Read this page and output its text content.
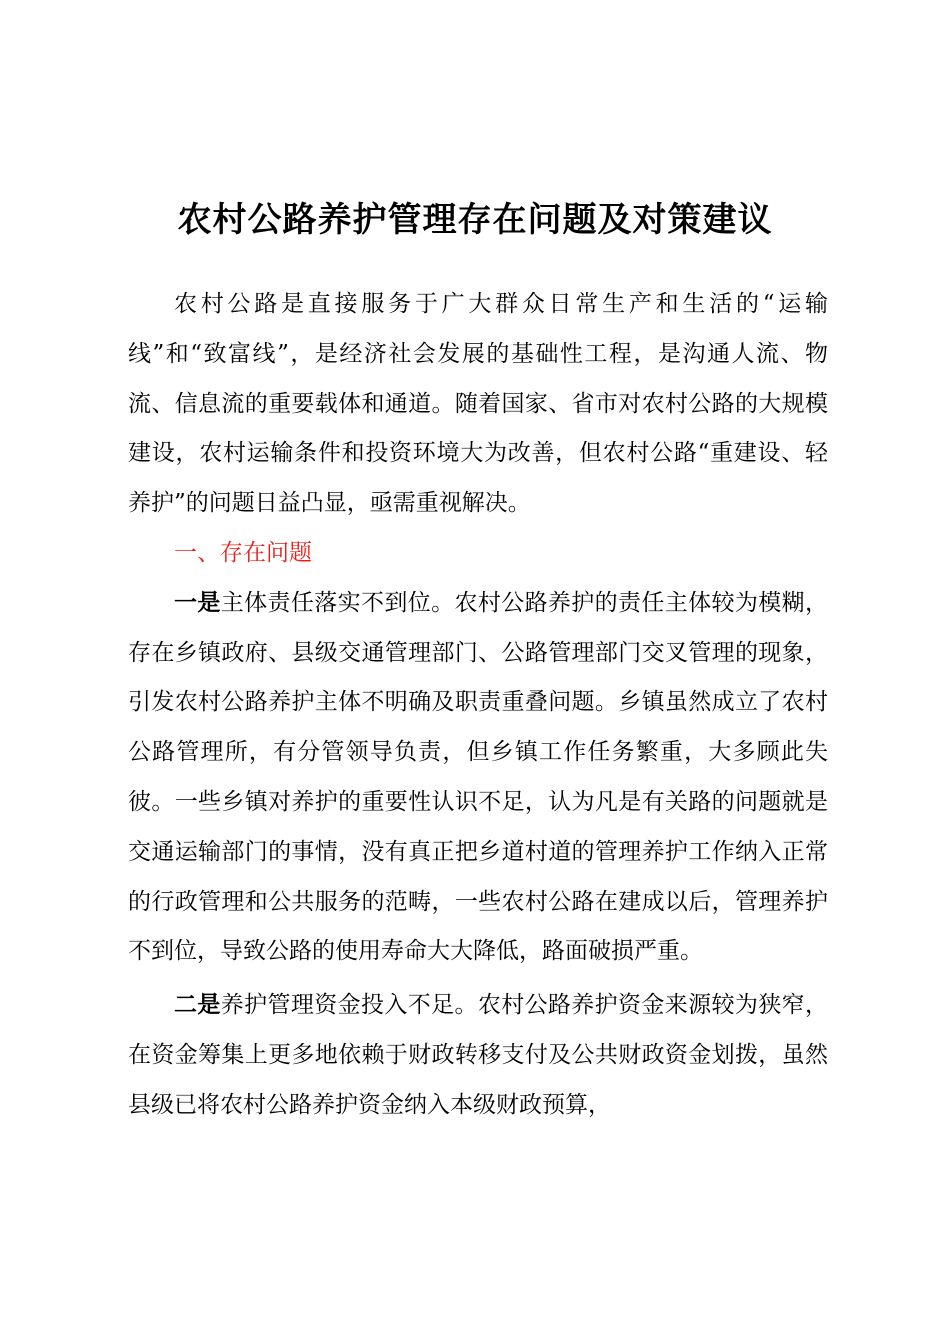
农村公路养护管理存在问题及对策建议

农村公路是直接服务于广大群众日常生产和生活的“运输线”和“致富线”，是经济社会发展的基础性工程，是沟通人流、物流、信息流的重要载体和通道。随着国家、省市对农村公路的大规模建设，农村运输条件和投资环境大为改善，但农村公路“重建设、轻养护”的问题日益凸显，亟需重视解决。

一、存在问题

一是主体责任落实不到位。农村公路养护的责任主体较为模糊，存在乡镇政府、县级交通管理部门、公路管理部门交叉管理的现象，引发农村公路养护主体不明确及职责重叠问题。乡镇虽然成立了农村公路管理所，有分管领导负责，但乡镇工作任务繁重，大多顾此失彼。一些乡镇对养护的重要性认识不足，认为凡是有关路的问题就是交通运输部门的事情，没有真正把乡道村道的管理养护工作纳入正常的行政管理和公共服务的范畴，一些农村公路在建成以后，管理养护不到位，导致公路的使用寿命大大降低，路面破损严重。

二是养护管理资金投入不足。农村公路养护资金来源较为狭窄，在资金筹集上更多地依赖于财政转移支付及公共财政资金划拨，虽然县级已将农村公路养护资金纳入本级财政预算，
